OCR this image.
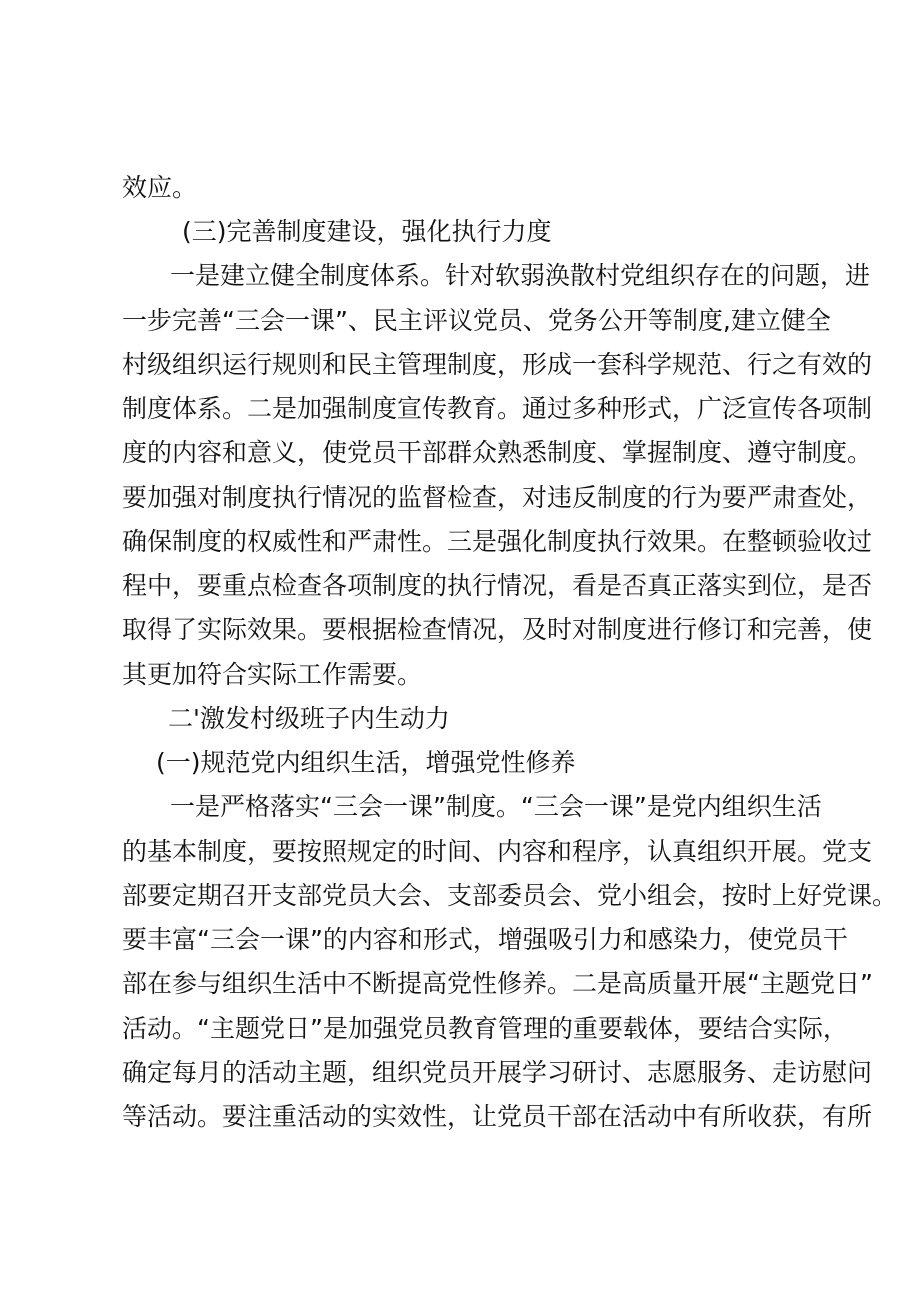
效应。
(三)完善制度建设，强化执行力度
一是建立健全制度体系。针对软弱涣散村党组织存在的问题，进
一步完善“三会一课”、民主评议党员、党务公开等制度,建立健全
村级组织运行规则和民主管理制度，形成一套科学规范、行之有效的
制度体系。二是加强制度宣传教育。通过多种形式，广泛宣传各项制
度的内容和意义，使党员干部群众熟悉制度、掌握制度、遵守制度。
要加强对制度执行情况的监督检查，对违反制度的行为要严肃查处，
确保制度的权威性和严肃性。三是强化制度执行效果。在整顿验收过
程中，要重点检查各项制度的执行情况，看是否真正落实到位，是否
取得了实际效果。要根据检查情况，及时对制度进行修订和完善，使
其更加符合实际工作需要。
二'激发村级班子内生动力
(一)规范党内组织生活，增强党性修养
一是严格落实“三会一课”制度。“三会一课”是党内组织生活
的基本制度，要按照规定的时间、内容和程序，认真组织开展。党支
部要定期召开支部党员大会、支部委员会、党小组会，按时上好党课。
要丰富“三会一课”的内容和形式，增强吸引力和感染力，使党员干
部在参与组织生活中不断提高党性修养。二是高质量开展“主题党日”
活动。“主题党日”是加强党员教育管理的重要载体，要结合实际，
确定每月的活动主题，组织党员开展学习研讨、志愿服务、走访慰问
等活动。要注重活动的实效性，让党员干部在活动中有所收获，有所
